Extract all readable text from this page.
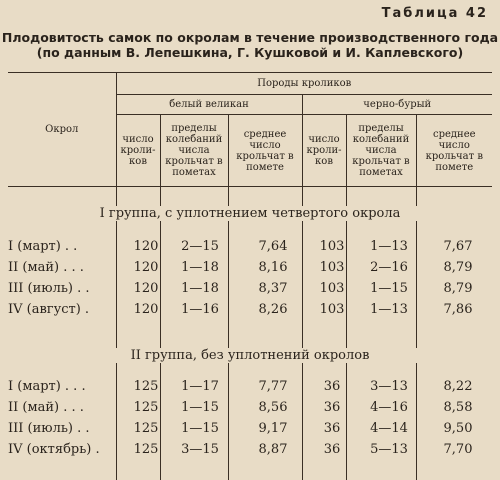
Таблица 42
Плодовитость самок по окролам в течение производственного года
(по данным В. Лепешкина, Г. Кушковой и И. Каплевского)
Окрол	Породы кроликов					
	белый великан			черно-бурый		
	число кроли- ков	пределы колебаний числа крольчат в пометах	среднее число крольчат в помете	число кроли- ков	пределы колебаний числа крольчат в пометах	среднее число крольчат в помете
I группа, с уплотнением четвертого окрола
I (март) . .	120	2—15	7,64	103	1—13	7,67
II (май) . . .	120	1—18	8,16	103	2—16	8,79
III (июль) . .	120	1—18	8,37	103	1—15	8,79
IV (август) .	120	1—16	8,26	103	1—13	7,86
II группа, без уплотнений окролов
I (март) . . .	125	1—17	7,77	36	3—13	8,22
II (май) . . .	125	1—15	8,56	36	4—16	8,58
III (июль) . .	125	1—15	9,17	36	4—14	9,50
IV (октябрь) .	125	3—15	8,87	36	5—13	7,70
